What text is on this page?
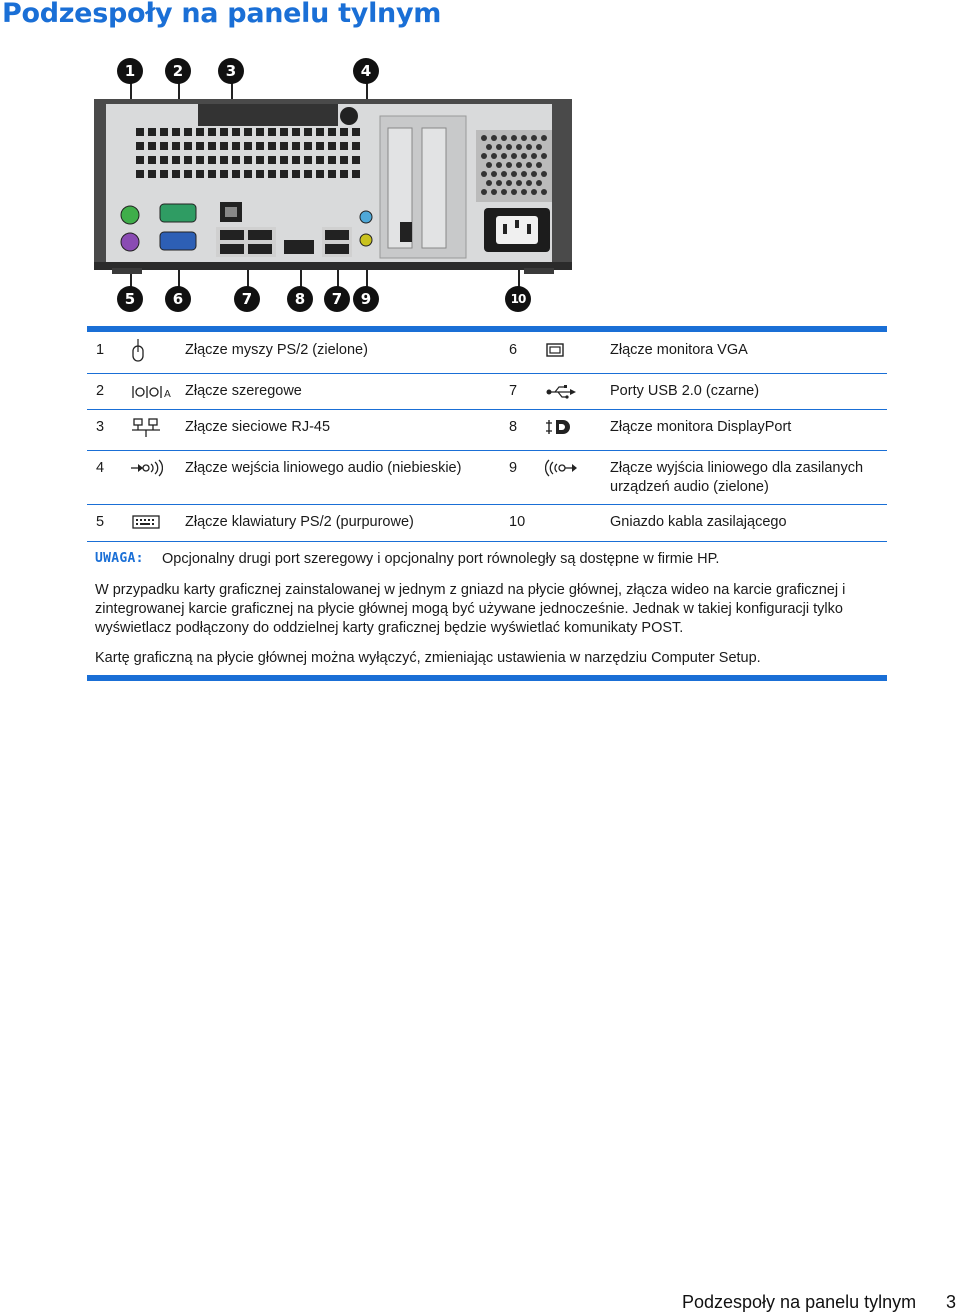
Podzespoły na panelu tylnym
1	2	3	4
5	6	7	8	7	9	10
1	Złącze myszy PS/2 (zielone)	6	Złącze monitora VGA
2	A Złącze szeregowe	7	Porty USB 2.0 (czarne)
3	Złącze sieciowe RJ-45	8	Złącze monitora DisplayPort
4	Złącze wejścia liniowego audio (niebieskie)	9	Złącze wyjścia liniowego dla zasilanych urządzeń audio (zielone)
5	Złącze klawiatury PS/2 (purpurowe)	10	Gniazdo kabla zasilającego
UWAGA: Opcjonalny drugi port szeregowy i opcjonalny port równoległy są dostępne w firmie HP.
W przypadku karty graficznej zainstalowanej w jednym z gniazd na płycie głównej, złącza wideo na karcie graficznej i zintegrowanej karcie graficznej na płycie głównej mogą być używane jednocześnie. Jednak w takiej konfiguracji tylko wyświetlacz podłączony do oddzielnej karty graficznej będzie wyświetlać komunikaty POST.
Kartę graficzną na płycie głównej można wyłączyć, zmieniając ustawienia w narzędziu Computer Setup.
Podzespoły na panelu tylnym 3
